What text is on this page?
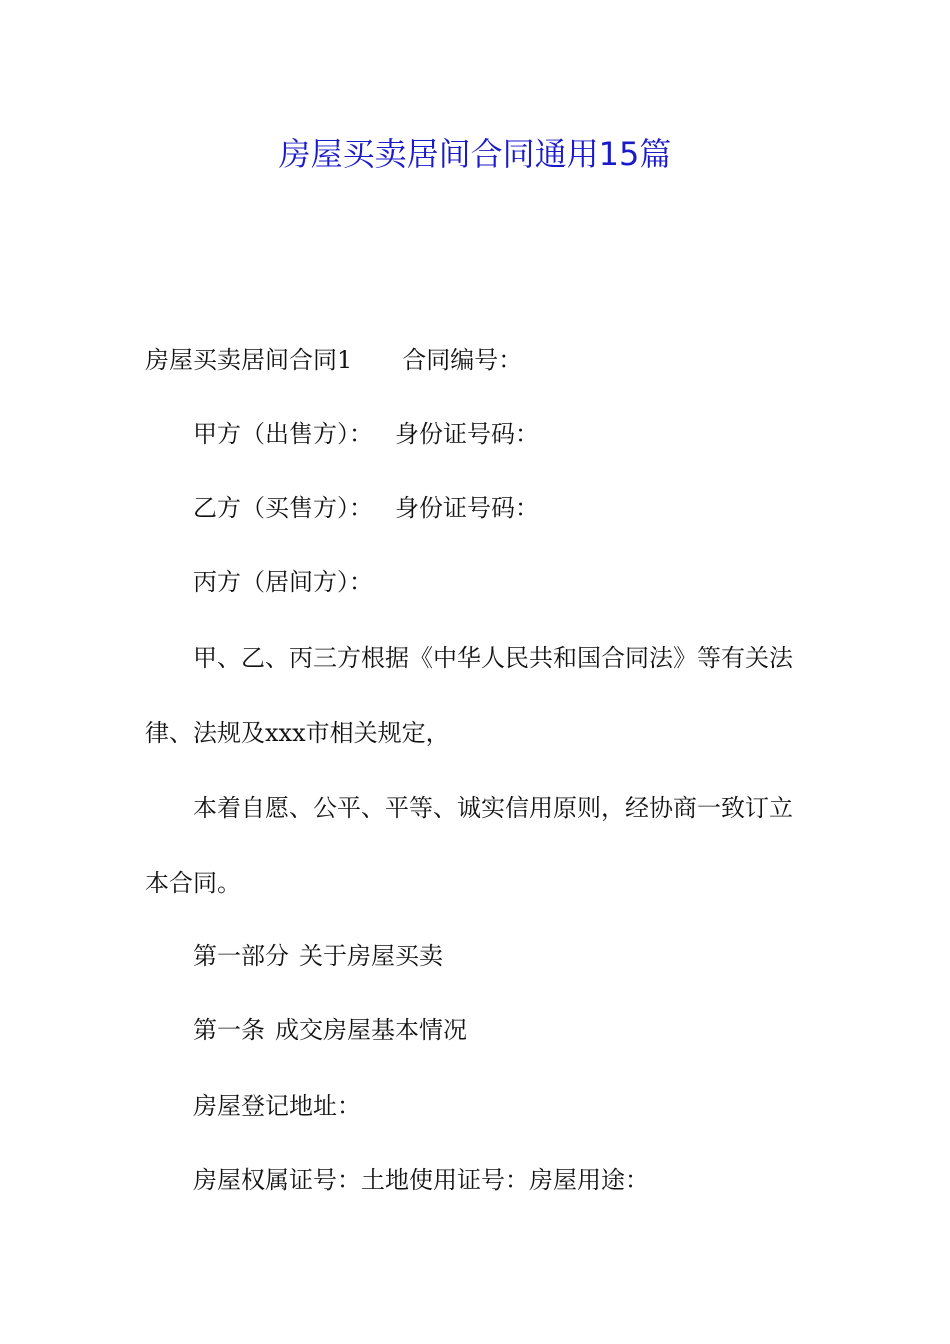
房屋买卖居间合同通用15篇
房屋买卖居间合同1 合同编号：
甲方（出售方）： 身份证号码：
乙方（买售方）： 身份证号码：
丙方（居间方）：
甲、乙、丙三方根据《中华人民共和国合同法》等有关法
律、法规及xxx市相关规定，
本着自愿、公平、平等、诚实信用原则，经协商一致订立
本合同。
第一部分 关于房屋买卖
第一条 成交房屋基本情况
房屋登记地址：
房屋权属证号：土地使用证号：房屋用途：
